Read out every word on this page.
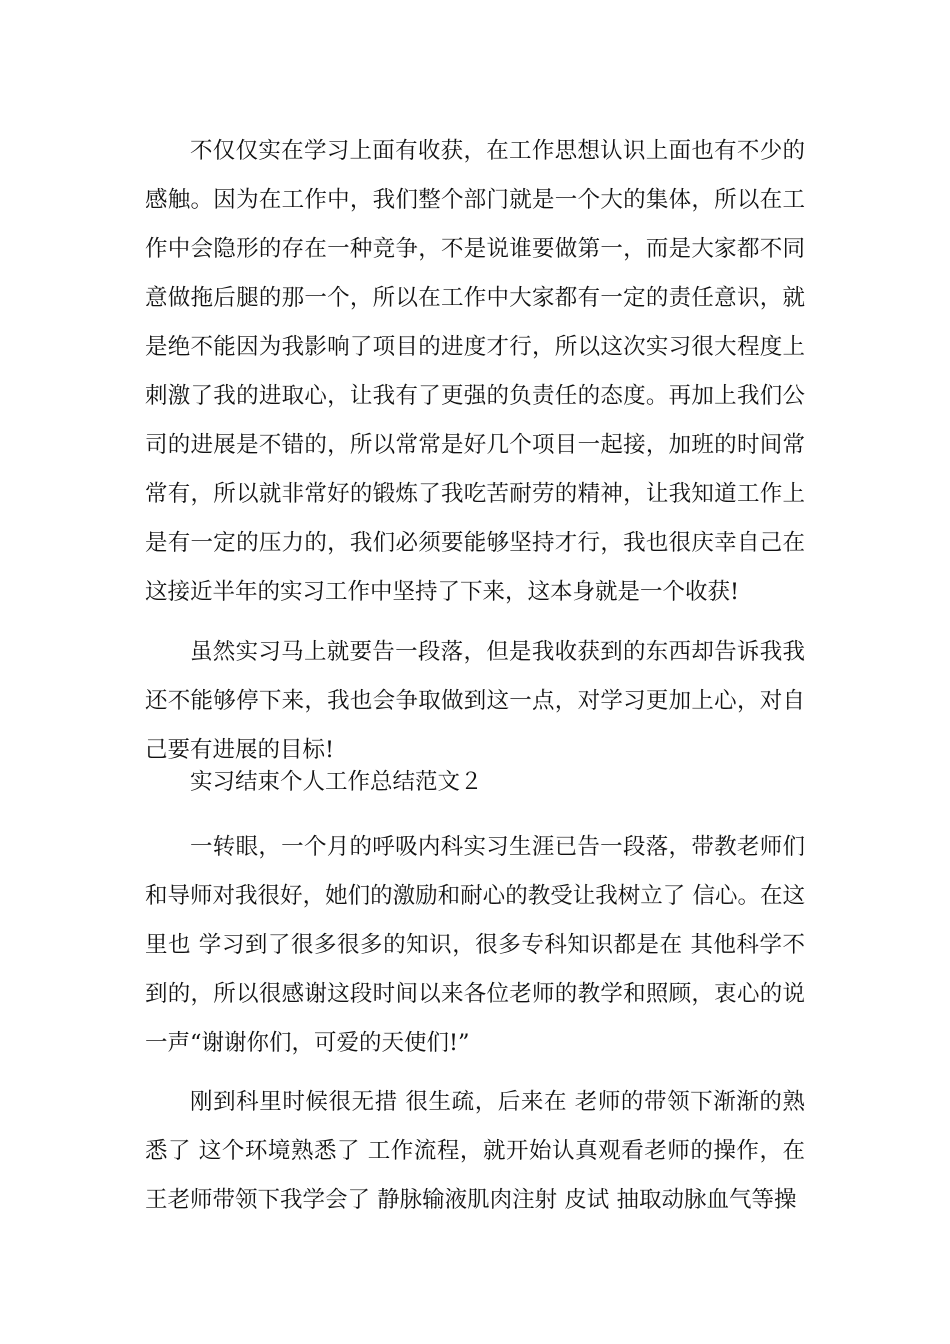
不仅仅实在学习上面有收获，在工作思想认识上面也有不少的感触。因为在工作中，我们整个部门就是一个大的集体，所以在工作中会隐形的存在一种竞争，不是说谁要做第一，而是大家都不同意做拖后腿的那一个，所以在工作中大家都有一定的责任意识，就是绝不能因为我影响了项目的进度才行，所以这次实习很大程度上刺激了我的进取心，让我有了更强的负责任的态度。再加上我们公司的进展是不错的，所以常常是好几个项目一起接，加班的时间常常有，所以就非常好的锻炼了我吃苦耐劳的精神，让我知道工作上是有一定的压力的，我们必须要能够坚持才行，我也很庆幸自己在这接近半年的实习工作中坚持了下来，这本身就是一个收获!

虽然实习马上就要告一段落，但是我收获到的东西却告诉我我还不能够停下来，我也会争取做到这一点，对学习更加上心，对自己要有进展的目标!

实习结束个人工作总结范文２

一转眼，一个月的呼吸内科实习生涯已告一段落，带教老师们和导师对我很好，她们的激励和耐心的教受让我树立了 信心。在这里也 学习到了很多很多的知识，很多专科知识都是在 其他科学不 到的，所以很感谢这段时间以来各位老师的教学和照顾，衷心的说一声“谢谢你们，可爱的天使们!”

刚到科里时候很无措 很生疏，后来在 老师的带领下渐渐的熟悉了 这个环境熟悉了 工作流程，就开始认真观看老师的操作，在王老师带领下我学会了 静脉输液肌肉注射 皮试 抽取动脉血气等操
